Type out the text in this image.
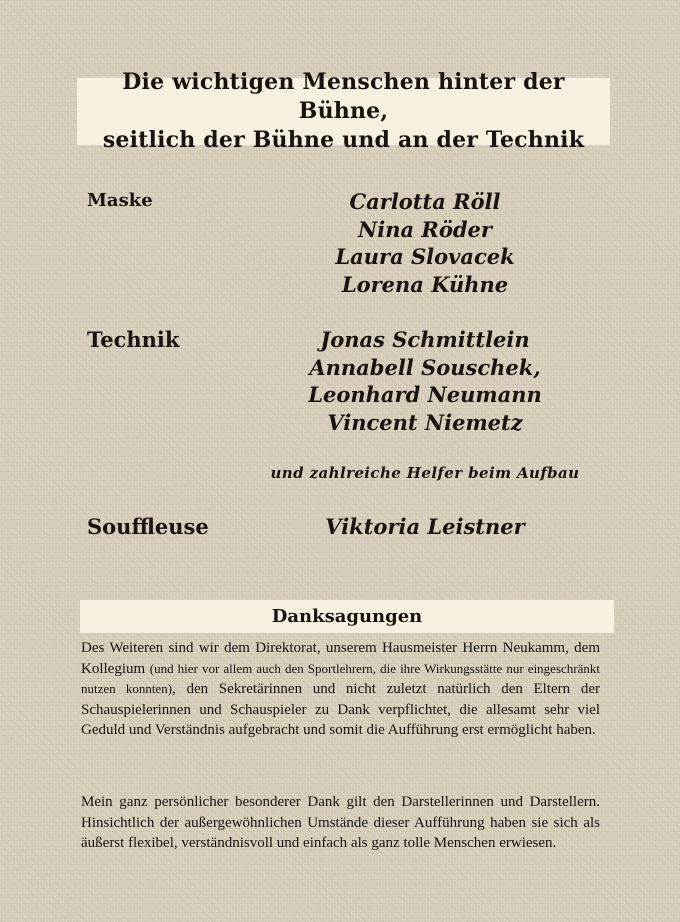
Die wichtigen Menschen hinter der Bühne,
seitlich der Bühne und an der Technik
Maske	Carlotta Röll
Nina Röder
Laura Slovacek
Lorena Kühne
Technik	Jonas Schmittlein
Annabell Souschek,
Leonhard Neumann
Vincent Niemetz
und zahlreiche Helfer beim Aufbau
Souffleuse	Viktoria Leistner
Danksagungen

Des Weiteren sind wir dem Direktorat, unserem Hausmeister Herrn Neukamm, dem Kollegium (und hier vor allem auch den Sportlehrern, die ihre Wirkungsstätte nur eingeschränkt nutzen konnten), den Sekretärinnen und nicht zuletzt natürlich den Eltern der Schauspielerinnen und Schauspieler zu Dank verpflichtet, die allesamt sehr viel Geduld und Verständnis aufgebracht und somit die Aufführung erst ermöglicht haben.

Mein ganz persönlicher besonderer Dank gilt den Darstellerinnen und Darstellern. Hinsichtlich der außergewöhnlichen Umstände dieser Aufführung haben sie sich als äußerst flexibel, verständnisvoll und einfach als ganz tolle Menschen erwiesen.
